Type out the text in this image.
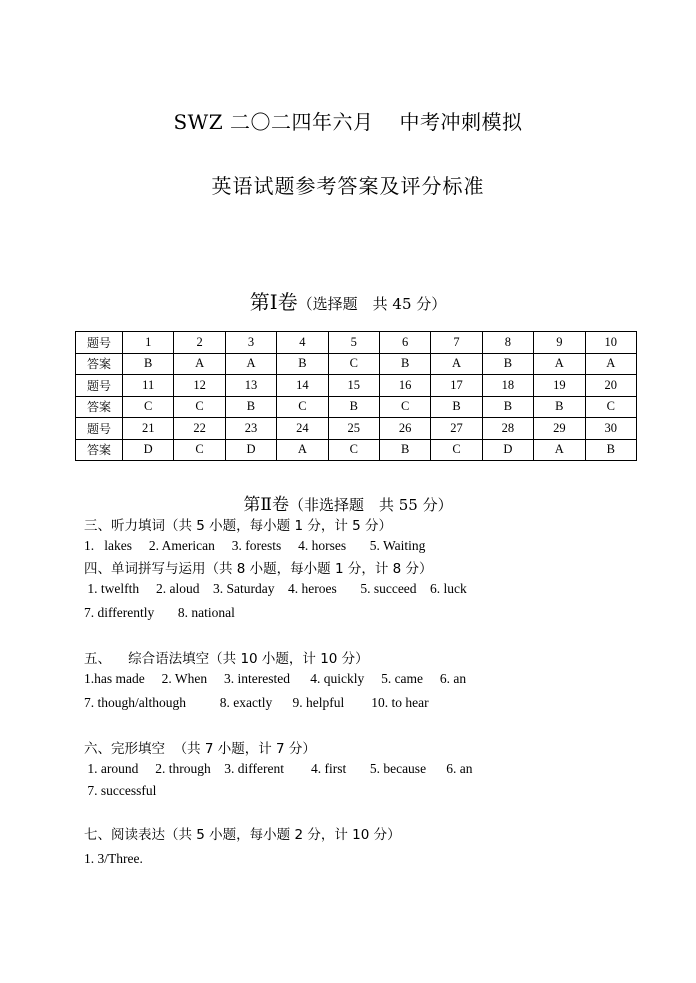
SWZ 二〇二四年六月 中考冲刺模拟
英语试题参考答案及评分标准
第Ⅰ卷（选择题　共 45 分）
题号	1	2	3	4	5	6	7	8	9	10
答案	B	A	A	B	C	B	A	B	A	A
题号	11	12	13	14	15	16	17	18	19	20
答案	C	C	B	C	B	C	B	B	B	C
题号	21	22	23	24	25	26	27	28	29	30
答案	D	C	D	A	C	B	C	D	A	B
第Ⅱ卷（非选择题　共 55 分）
三、听力填词（共 5 小题，每小题 1 分，计 5 分）
1.   lakes     2. American     3. forests     4. horses       5. Waiting
四、单词拼写与运用（共 8 小题，每小题 1 分，计 8 分）
1. twelfth     2. aloud    3. Saturday    4. heroes       5. succeed    6. luck
7. differently       8. national
五、    综合语法填空（共 10 小题，计 10 分）
1.has made     2. When     3. interested      4. quickly     5. came     6. an
7. though/although          8. exactly      9. helpful        10. to hear
六、完形填空  （共 7 小题，计 7 分）
1. around     2. through    3. different        4. first       5. because      6. an
7. successful
七、阅读表达（共 5 小题，每小题 2 分，计 10 分）
1. 3/Three.
